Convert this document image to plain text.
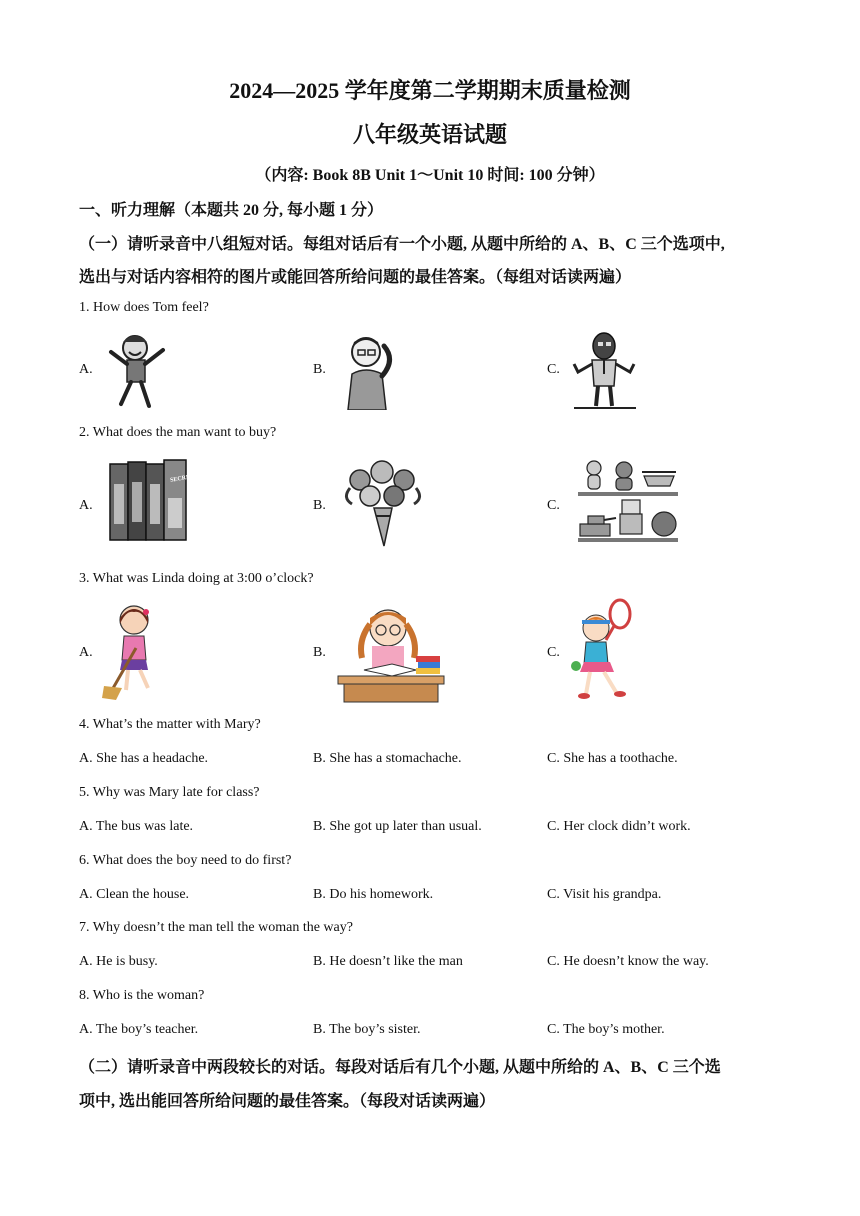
2024—2025 学年度第二学期期末质量检测
八年级英语试题
（内容: Book 8B Unit 1～Unit 10 时间: 100 分钟）
一、听力理解（本题共 20 分, 每小题 1 分）
（一）请听录音中八组短对话。每组对话后有一个小题, 从题中所给的 A、B、C 三个选项中,
选出与对话内容相符的图片或能回答所给问题的最佳答案。（每组对话读两遍）
1. How does Tom feel?
A.	B.	C.
2. What does the man want to buy?
A.	B.	C.
SECRET SEVEN
3. What was Linda doing at 3:00 o’clock?
A.	B.	C.
4. What’s the matter with Mary?
A. She has a headache.	B. She has a stomachache.	C. She has a toothache.
5. Why was Mary late for class?
A. The bus was late.	B. She got up later than usual.	C. Her clock didn’t work.
6. What does the boy need to do first?
A. Clean the house.	B. Do his homework.	C. Visit his grandpa.
7. Why doesn’t the man tell the woman the way?
A. He is busy.	B. He doesn’t like the man	C. He doesn’t know the way.
8. Who is the woman?
A. The boy’s teacher.	B. The boy’s sister.	C. The boy’s mother.
（二）请听录音中两段较长的对话。每段对话后有几个小题, 从题中所给的 A、B、C 三个选
项中, 选出能回答所给问题的最佳答案。（每段对话读两遍）
